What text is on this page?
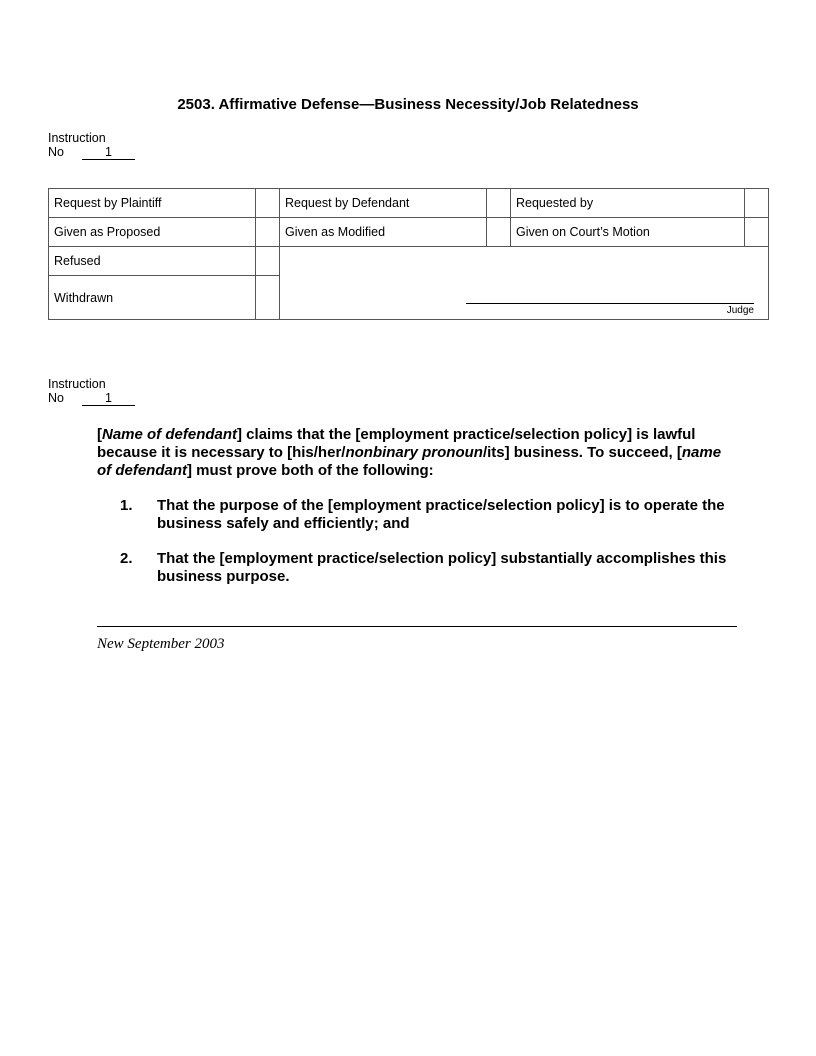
2503. Affirmative Defense—Business Necessity/Job Relatedness
Instruction
No	1
Request by Plaintiff		Request by Defendant		Requested by	
Given as Proposed		Given as Modified		Given on Court’s Motion	
Refused		Judge			

Withdrawn					
Instruction
No	1
[Name of defendant] claims that the [employment practice/selection policy] is lawful because it is necessary to [his/her/nonbinary pronoun/its] business. To succeed, [name of defendant] must prove both of the following:
1. That the purpose of the [employment practice/selection policy] is to operate the business safely and efficiently; and
2. That the [employment practice/selection policy] substantially accomplishes this business purpose.
New September 2003
